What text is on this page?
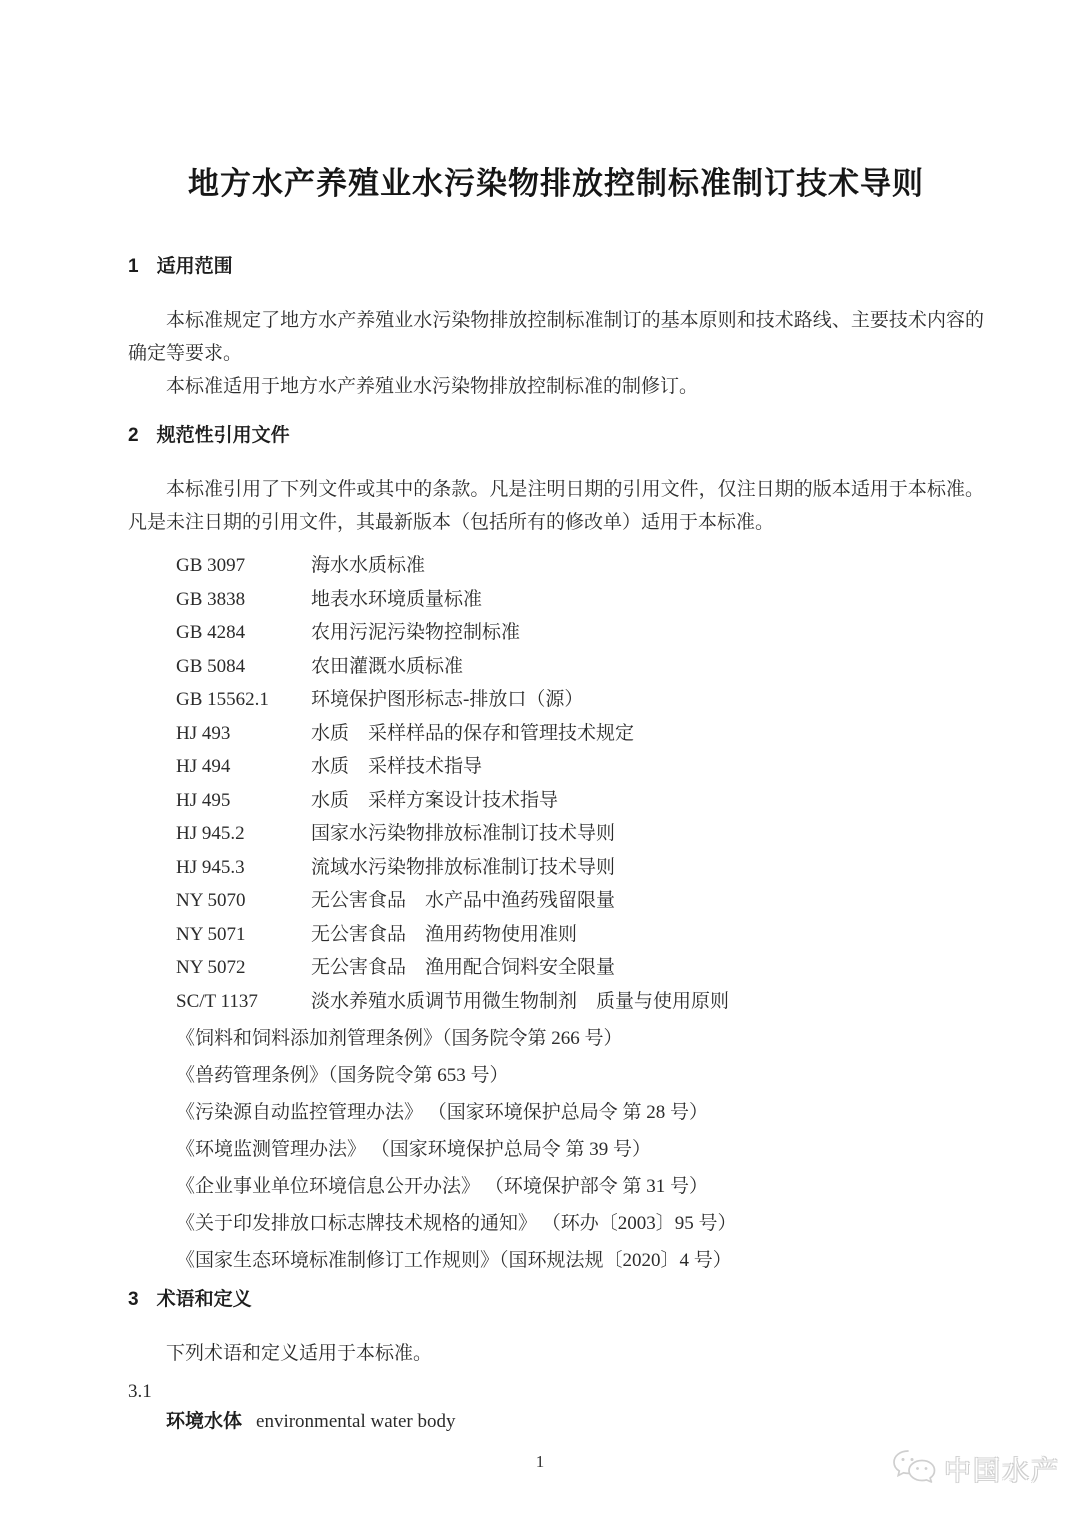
地方水产养殖业水污染物排放控制标准制订技术导则
1 适用范围

本标准规定了地方水产养殖业水污染物排放控制标准制订的基本原则和技术路线、主要技术内容的确定等要求。

本标准适用于地方水产养殖业水污染物排放控制标准的制修订。

2 规范性引用文件

本标准引用了下列文件或其中的条款。凡是注明日期的引用文件，仅注日期的版本适用于本标准。凡是未注日期的引用文件，其最新版本（包括所有的修改单）适用于本标准。

GB 3097	海水水质标准
GB 3838	地表水环境质量标准
GB 4284	农用污泥污染物控制标准
GB 5084	农田灌溉水质标准
GB 15562.1	环境保护图形标志-排放口（源）
HJ 493	水质　采样样品的保存和管理技术规定
HJ 494	水质　采样技术指导
HJ 495	水质　采样方案设计技术指导
HJ 945.2	国家水污染物排放标准制订技术导则
HJ 945.3	流域水污染物排放标准制订技术导则
NY 5070	无公害食品　水产品中渔药残留限量
NY 5071	无公害食品　渔用药物使用准则
NY 5072	无公害食品　渔用配合饲料安全限量
SC/T 1137	淡水养殖水质调节用微生物制剂　质量与使用原则
《饲料和饲料添加剂管理条例》（国务院令第 266 号）
《兽药管理条例》（国务院令第 653 号）
《污染源自动监控管理办法》 （国家环境保护总局令 第 28 号）
《环境监测管理办法》 （国家环境保护总局令 第 39 号）
《企业事业单位环境信息公开办法》 （环境保护部令 第 31 号）
《关于印发排放口标志牌技术规格的通知》 （环办〔2003〕95 号）
《国家生态环境标准制修订工作规则》（国环规法规〔2020〕4 号）
3 术语和定义

下列术语和定义适用于本标准。

3.1
环境水体 environmental water body
1	中国水产
